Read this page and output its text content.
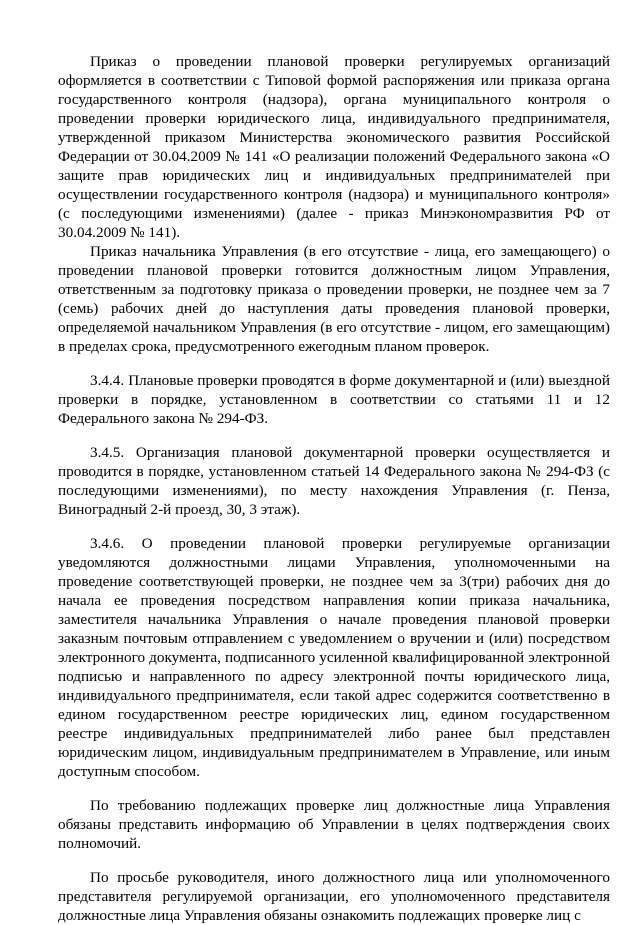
Приказ о проведении плановой проверки регулируемых организаций оформляется в соответствии с Типовой формой распоряжения или приказа органа государственного контроля (надзора), органа муниципального контроля о проведении проверки юридического лица, индивидуального предпринимателя, утвержденной приказом Министерства экономического развития Российской Федерации от 30.04.2009 № 141 «О реализации положений Федерального закона «О защите прав юридических лиц и индивидуальных предпринимателей при осуществлении государственного контроля (надзора) и муниципального контроля» (с последующими изменениями) (далее - приказ Минэкономразвития РФ от 30.04.2009 № 141).

Приказ начальника Управления (в его отсутствие - лица, его замещающего) о проведении плановой проверки готовится должностным лицом Управления, ответственным за подготовку приказа о проведении проверки, не позднее чем за 7 (семь) рабочих дней до наступления даты проведения плановой проверки, определяемой начальником Управления (в его отсутствие - лицом, его замещающим) в пределах срока, предусмотренного ежегодным планом проверок.

3.4.4. Плановые проверки проводятся в форме документарной и (или) выездной проверки в порядке, установленном в соответствии со статьями 11 и 12 Федерального закона № 294-ФЗ.

3.4.5. Организация плановой документарной проверки осуществляется и проводится в порядке, установленном статьей 14 Федерального закона № 294-ФЗ (с последующими изменениями), по месту нахождения Управления (г. Пенза, Виноградный 2-й проезд, 30, 3 этаж).

3.4.6. О проведении плановой проверки регулируемые организации уведомляются должностными лицами Управления, уполномоченными на проведение соответствующей проверки, не позднее чем за 3(три) рабочих дня до начала ее проведения посредством направления копии приказа начальника, заместителя начальника Управления о начале проведения плановой проверки заказным почтовым отправлением с уведомлением о вручении и (или) посредством электронного документа, подписанного усиленной квалифицированной электронной подписью и направленного по адресу электронной почты юридического лица, индивидуального предпринимателя, если такой адрес содержится соответственно в едином государственном реестре юридических лиц, едином государственном реестре индивидуальных предпринимателей либо ранее был представлен юридическим лицом, индивидуальным предпринимателем в Управление, или иным доступным способом.

По требованию подлежащих проверке лиц должностные лица Управления обязаны представить информацию об Управлении в целях подтверждения своих полномочий.

По просьбе руководителя, иного должностного лица или уполномоченного представителя регулируемой организации, его уполномоченного представителя должностные лица Управления обязаны ознакомить подлежащих проверке лиц с
